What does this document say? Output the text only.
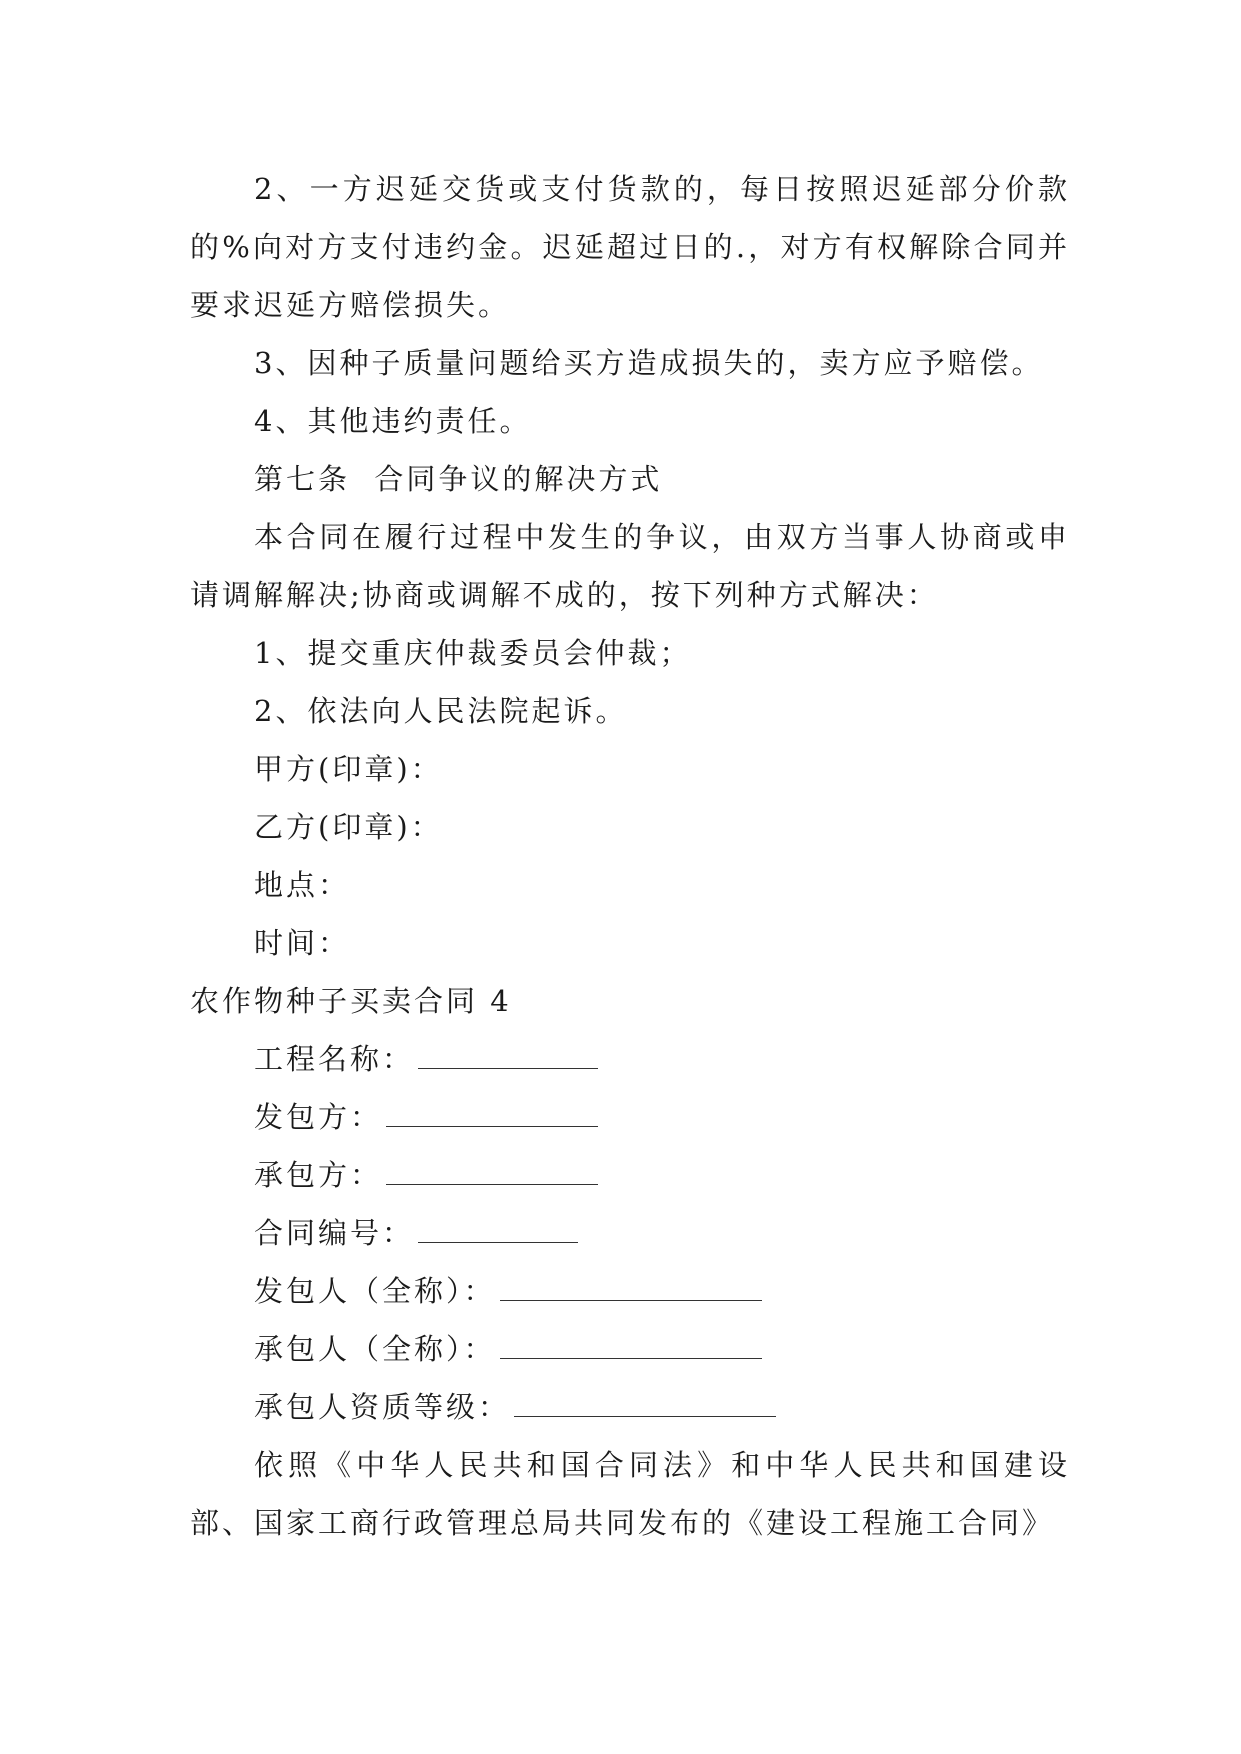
2、一方迟延交货或支付货款的，每日按照迟延部分价款的%向对方支付违约金。迟延超过日的.，对方有权解除合同并要求迟延方赔偿损失。

3、因种子质量问题给买方造成损失的，卖方应予赔偿。

4、其他违约责任。

第七条  合同争议的解决方式

本合同在履行过程中发生的争议，由双方当事人协商或申请调解解决;协商或调解不成的，按下列种方式解决：

1、提交重庆仲裁委员会仲裁；

2、依法向人民法院起诉。

甲方(印章)：

乙方(印章)：

地点：

时间：

农作物种子买卖合同 4

工程名称：

发包方：

承包方：

合同编号：

发包人（全称）：

承包人（全称）：

承包人资质等级：

依照《中华人民共和国合同法》和中华人民共和国建设部、国家工商行政管理总局共同发布的《建设工程施工合同》
